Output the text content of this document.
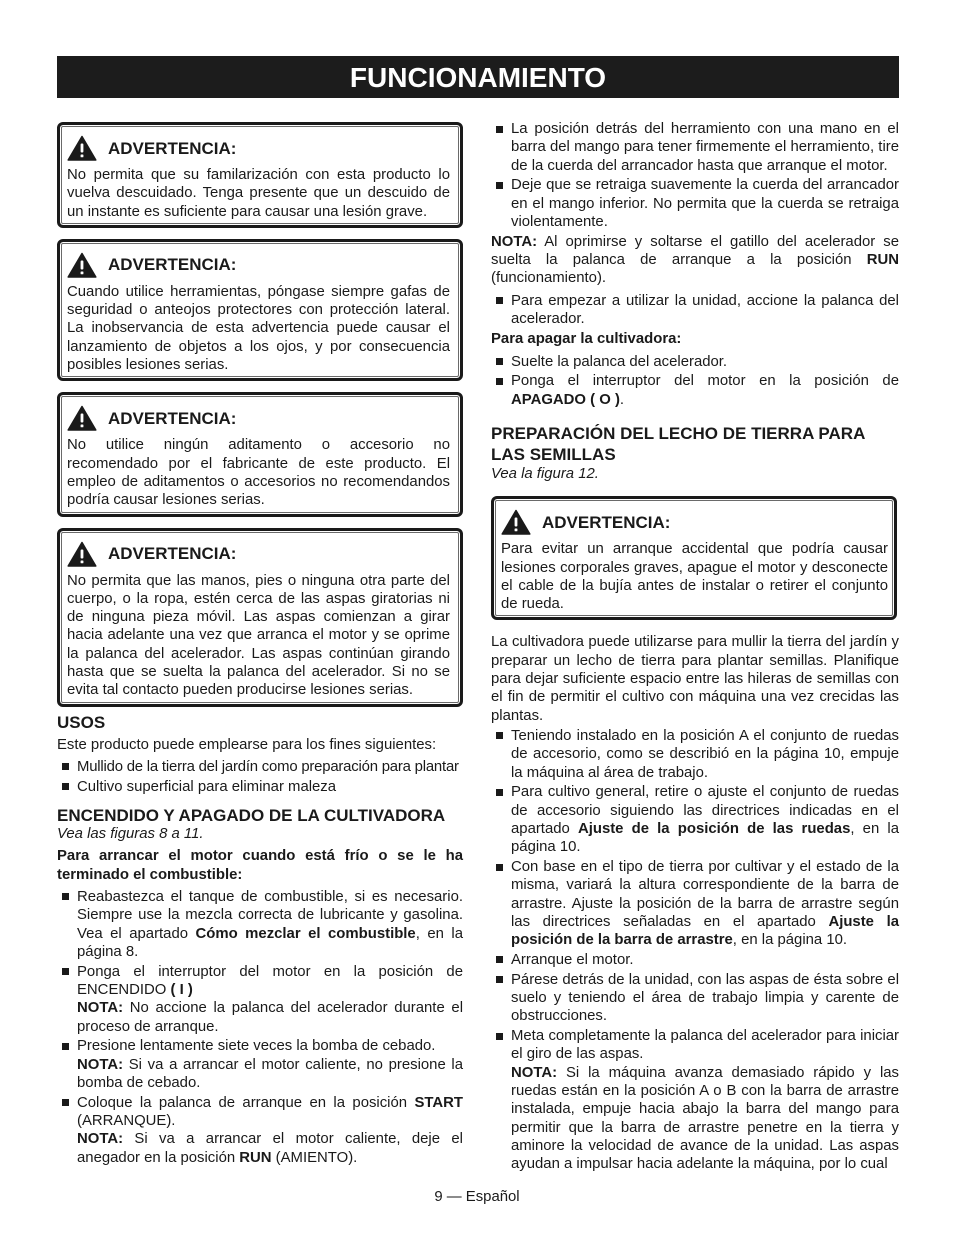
FUNCIONAMIENTO
ADVERTENCIA:

No permita que su familarización con esta producto lo vuelva descuidado. Tenga presente que un descuido de un instante es suficiente para causar una lesión grave.

ADVERTENCIA:

Cuando utilice herramientas, póngase siempre gafas de seguridad o anteojos protectores con protección lateral. La inobservancia de esta advertencia puede causar el lanzamiento de objetos a los ojos, y por consecuencia posibles lesiones serias.

ADVERTENCIA:

No utilice ningún aditamento o accesorio no recomendado por el fabricante de este producto. El empleo de aditamentos o accesorios no recomendandos podría causar lesiones serias.

ADVERTENCIA:

No permita que las manos, pies o ninguna otra parte del cuerpo, o la ropa, estén cerca de las aspas giratorias ni de ninguna pieza móvil. Las aspas comienzan a girar hacia adelante una vez que arranca el motor y se oprime la palanca del acelerador. Las aspas continúan girando hasta que se suelta la palanca del acelerador. Si no se evita tal contacto pueden producirse lesiones serias.

USOS

Este producto puede emplearse para los fines siguientes:

Mullido de la tierra del jardín como preparación para plantar
Cultivo superficial para eliminar maleza
ENCENDIDO Y APAGADO DE LA CULTIVADORA

Vea las figuras 8 a 11.

Para arrancar el motor cuando está frío o se le ha terminado el combustible:

Reabastezca el tanque de combustible, si es necesario. Siempre use la mezcla correcta de lubricante y gasolina. Vea el apartado Cómo mezclar el combustible, en la página 8.
Ponga el interruptor del motor en la posición de ENCENDIDO ( I )
NOTA: No accione la palanca del acelerador durante el proceso de arranque.
Presione lentamente siete veces la bomba de cebado.
NOTA: Si va a arrancar el motor caliente, no presione la bomba de cebado.
Coloque la palanca de arranque en la posición START (ARRANQUE).
NOTA: Si va a arrancar el motor caliente, deje el anegador en la posición RUN (AMIENTO).
La posición detrás del herramiento con una mano en el barra del mango para tener firmemente el herramiento, tire de la cuerda del arrancador hasta que arranque el motor.
Deje que se retraiga suavemente la cuerda del arrancador en el mango inferior. No permita que la cuerda se retraiga violentamente.

NOTA: Al oprimirse y soltarse el gatillo del acelerador se suelta la palanca de arranque a la posición RUN (funcionamiento).

Para empezar a utilizar la unidad, accione la palanca del acelerador.

Para apagar la cultivadora:

Suelte la palanca del acelerador.
Ponga el interruptor del motor en la posición de APAGADO ( O ).
PREPARACIÓN DEL LECHO DE TIERRA PARA LAS SEMILLAS

Vea la figura 12.

ADVERTENCIA:

Para evitar un arranque accidental que podría causar lesiones corporales graves, apague el motor y desconecte el cable de la bujía antes de instalar o retirer el conjunto de rueda.

La cultivadora puede utilizarse para mullir la tierra del jardín y preparar un lecho de tierra para plantar semillas. Planifique para dejar suficiente espacio entre las hileras de semillas con el fin de permitir el cultivo con máquina una vez crecidas las plantas.

Teniendo instalado en la posición A el conjunto de ruedas de accesorio, como se describió en la página 10, empuje la máquina al área de trabajo.
Para cultivo general, retire o ajuste el conjunto de ruedas de accesorio siguiendo las directrices indicadas en el apartado Ajuste de la posición de las ruedas, en la página 10.
Con base en el tipo de tierra por cultivar y el estado de la misma, variará la altura correspondiente de la barra de arrastre. Ajuste la posición de la barra de arrastre según las directrices señaladas en el apartado Ajuste la posición de la barra de arrastre, en la página 10.
Arranque el motor.
Párese detrás de la unidad, con las aspas de ésta sobre el suelo y teniendo el área de trabajo limpia y carente de obstrucciones.
Meta completamente la palanca del acelerador para iniciar el giro de las aspas.
NOTA: Si la máquina avanza demasiado rápido y las ruedas están en la posición A o B con la barra de arrastre instalada, empuje hacia abajo la barra del mango para permitir que la barra de arrastre penetre en la tierra y aminore la velocidad de avance de la unidad. Las aspas ayudan a impulsar hacia adelante la máquina, por lo cual
9 — Español
